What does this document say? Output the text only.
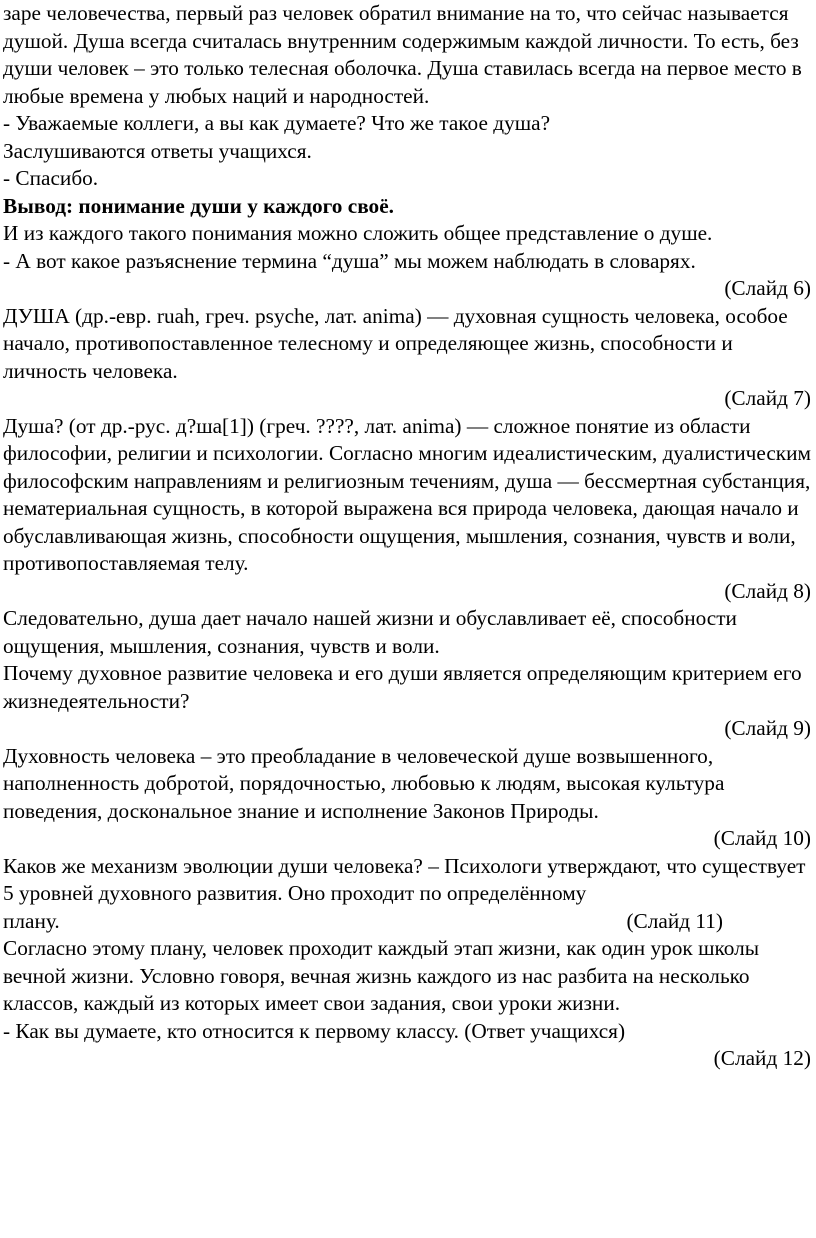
заре человечества, первый раз человек обратил внимание на то, что сейчас называется душой. Душа всегда считалась внутренним содержимым каждой личности. То есть, без души человек – это только телесная оболочка. Душа ставилась всегда на первое место в любые времена у любых наций и народностей.

- Уважаемые коллеги, а вы как думаете? Что же такое душа?

Заслушиваются ответы учащихся.

- Спасибо.

Вывод: понимание души у каждого своё.

И из каждого такого понимания можно сложить общее представление о душе.

- А вот какое разъяснение термина “душа” мы можем наблюдать в словарях.

(Слайд 6)

ДУША (др.-евр. ruah, греч. psyche, лат. anima) — духовная сущность человека, особое начало, противопоставленное телесному и определяющее жизнь, способности и личность человека.

(Слайд 7)

Душа? (от др.-рус. д?ша[1]) (греч. ????, лат. anima) — сложное понятие из области философии, религии и психологии. Согласно многим идеалистическим, дуалистическим философским направлениям и религиозным течениям, душа — бессмертная субстанция, нематериальная сущность, в которой выражена вся природа человека, дающая начало и обуславливающая жизнь, способности ощущения, мышления, сознания, чувств и воли, противопоставляемая телу.

(Слайд 8)

Следовательно, душа дает начало нашей жизни и обуславливает её, способности ощущения, мышления, сознания, чувств и воли.

Почему духовное развитие человека и его души является определяющим критерием его жизнедеятельности?

(Слайд 9)

Духовность человека – это преобладание в человеческой душе возвышенного, наполненность добротой, порядочностью, любовью к людям, высокая культура поведения, доскональное знание и исполнение Законов Природы.

(Слайд 10)

Каков же механизм эволюции души человека? – Психологи утверждают, что существует 5 уровней духовного развития. Оно проходит по определённому

плану.	(Слайд 11)

Согласно этому плану, человек проходит каждый этап жизни, как один урок школы вечной жизни. Условно говоря, вечная жизнь каждого из нас разбита на несколько классов, каждый из которых имеет свои задания, свои уроки жизни.

- Как вы думаете, кто относится к первому классу. (Ответ учащихся)

(Слайд 12)
